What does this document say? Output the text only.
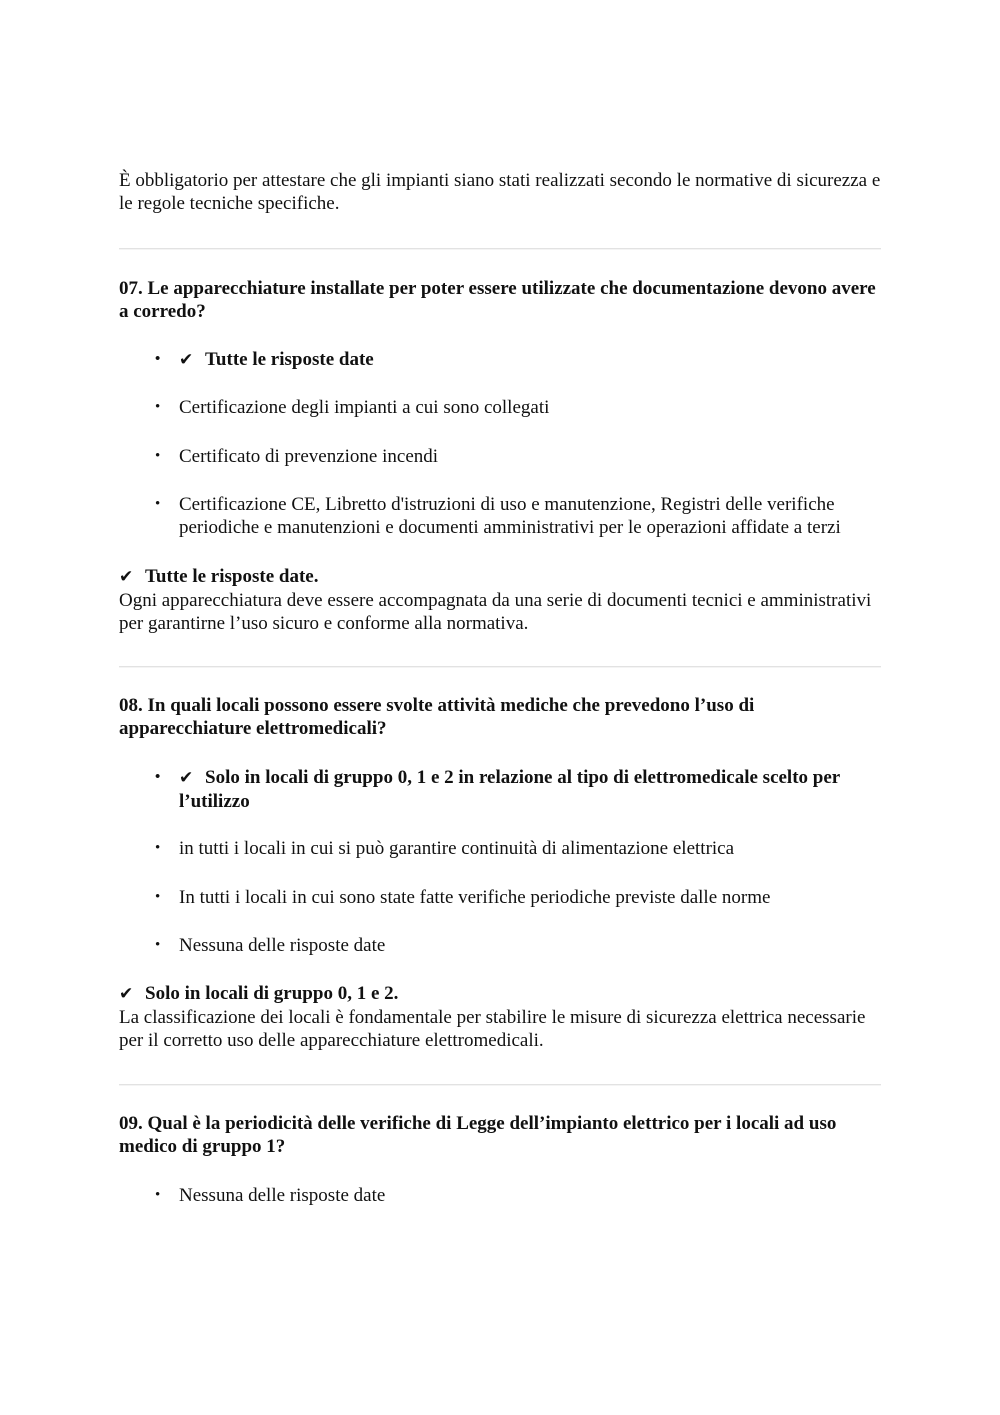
È obbligatorio per attestare che gli impianti siano stati realizzati secondo le normative di sicurezza e le regole tecniche specifiche.

07. Le apparecchiature installate per poter essere utilizzate che documentazione devono avere a corredo?

• ✔ Tutte le risposte date
• Certificazione degli impianti a cui sono collegati
• Certificato di prevenzione incendi
• Certificazione CE, Libretto d'istruzioni di uso e manutenzione, Registri delle verifiche periodiche e manutenzioni e documenti amministrativi per le operazioni affidate a terzi
✔ Tutte le risposte date.

Ogni apparecchiatura deve essere accompagnata da una serie di documenti tecnici e amministrativi per garantirne l’uso sicuro e conforme alla normativa.

08. In quali locali possono essere svolte attività mediche che prevedono l’uso di apparecchiature elettromedicali?

• ✔ Solo in locali di gruppo 0, 1 e 2 in relazione al tipo di elettromedicale scelto per l’utilizzo
• in tutti i locali in cui si può garantire continuità di alimentazione elettrica
• In tutti i locali in cui sono state fatte verifiche periodiche previste dalle norme
• Nessuna delle risposte date
✔ Solo in locali di gruppo 0, 1 e 2.

La classificazione dei locali è fondamentale per stabilire le misure di sicurezza elettrica necessarie per il corretto uso delle apparecchiature elettromedicali.

09. Qual è la periodicità delle verifiche di Legge dell’impianto elettrico per i locali ad uso medico di gruppo 1?

• Nessuna delle risposte date
